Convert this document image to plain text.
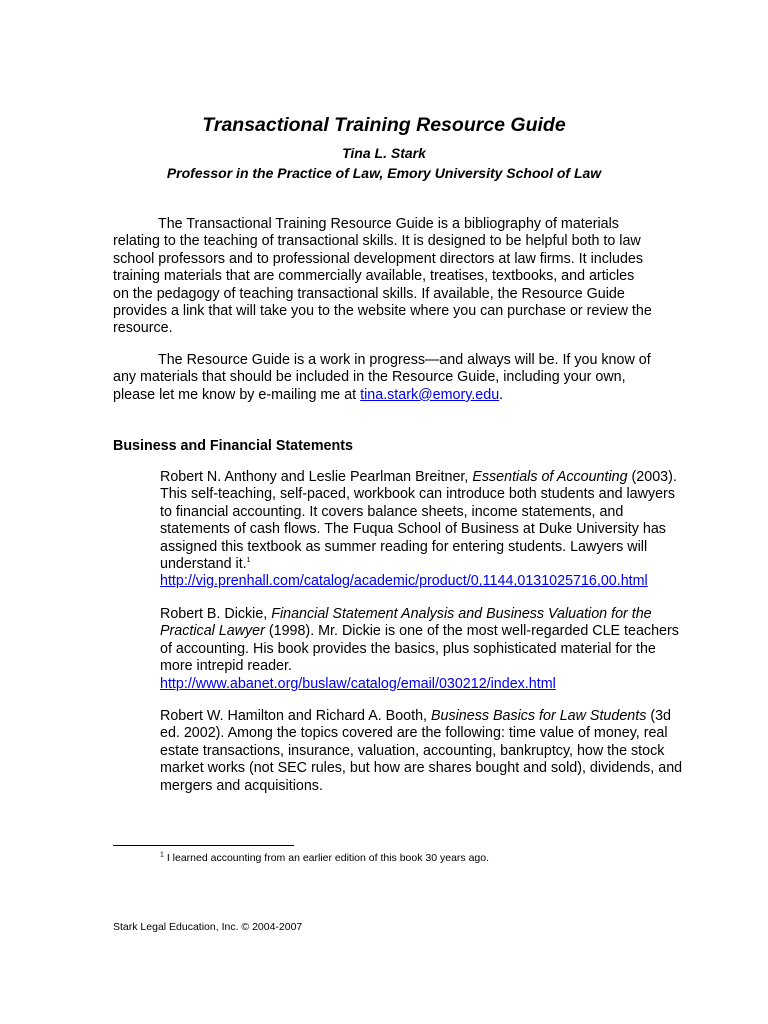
Transactional Training Resource Guide
Tina L. Stark
Professor in the Practice of Law, Emory University School of Law
The Transactional Training Resource Guide is a bibliography of materials relating to the teaching of transactional skills. It is designed to be helpful both to law school professors and to professional development directors at law firms. It includes training materials that are commercially available, treatises, textbooks, and articles on the pedagogy of teaching transactional skills. If available, the Resource Guide provides a link that will take you to the website where you can purchase or review the resource.
The Resource Guide is a work in progress—and always will be. If you know of any materials that should be included in the Resource Guide, including your own, please let me know by e-mailing me at tina.stark@emory.edu.
Business and Financial Statements
Robert N. Anthony and Leslie Pearlman Breitner, Essentials of Accounting (2003). This self-teaching, self-paced, workbook can introduce both students and lawyers to financial accounting. It covers balance sheets, income statements, and statements of cash flows. The Fuqua School of Business at Duke University has assigned this textbook as summer reading for entering students. Lawyers will understand it.$^1$
http://vig.prenhall.com/catalog/academic/product/0,1144,0131025716,00.html
Robert B. Dickie, Financial Statement Analysis and Business Valuation for the Practical Lawyer (1998). Mr. Dickie is one of the most well-regarded CLE teachers of accounting. His book provides the basics, plus sophisticated material for the more intrepid reader.
http://www.abanet.org/buslaw/catalog/email/030212/index.html
Robert W. Hamilton and Richard A. Booth, Business Basics for Law Students (3d ed. 2002). Among the topics covered are the following: time value of money, real estate transactions, insurance, valuation, accounting, bankruptcy, how the stock market works (not SEC rules, but how are shares bought and sold), dividends, and mergers and acquisitions.
$^1$ I learned accounting from an earlier edition of this book 30 years ago.
Stark Legal Education, Inc. © 2004-2007
